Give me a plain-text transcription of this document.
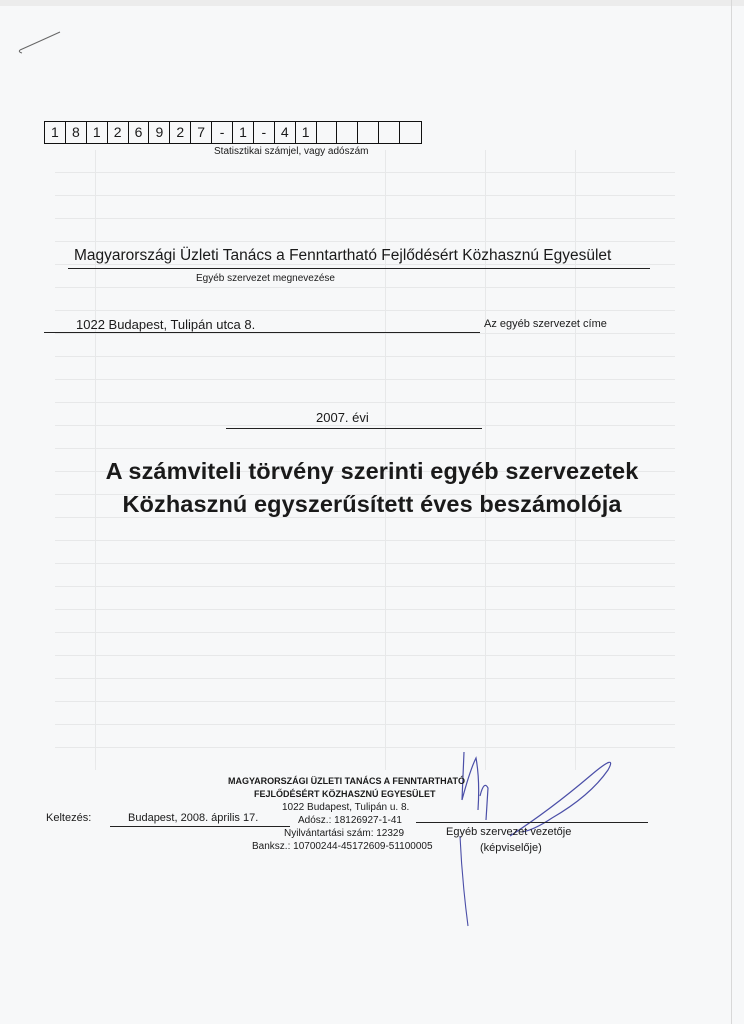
1 8 1 2 6 9 2 7	-	1	-	4 1
Statisztikai számjel, vagy adószám
Magyarországi Üzleti Tanács a Fenntartható Fejlődésért Közhasznú Egyesület
Egyéb szervezet megnevezése
1022 Budapest, Tulipán utca 8.	Az egyéb szervezet címe
2007. évi
A számviteli törvény szerinti egyéb szervezetek
Közhasznú egyszerűsített éves beszámolója
MAGYARORSZÁGI ÜZLETI TANÁCS A FENNTARTHATÓ
FEJLŐDÉSÉRT KÖZHASZNÚ EGYESÜLET
1022 Budapest, Tulipán u. 8.
Adósz.: 18126927-1-41
Nyilvántartási szám: 12329
Banksz.: 10700244-45172609-51100005
Keltezés:	Budapest, 2008. április 17.
Egyéb szervezet vezetője
(képviselője)
